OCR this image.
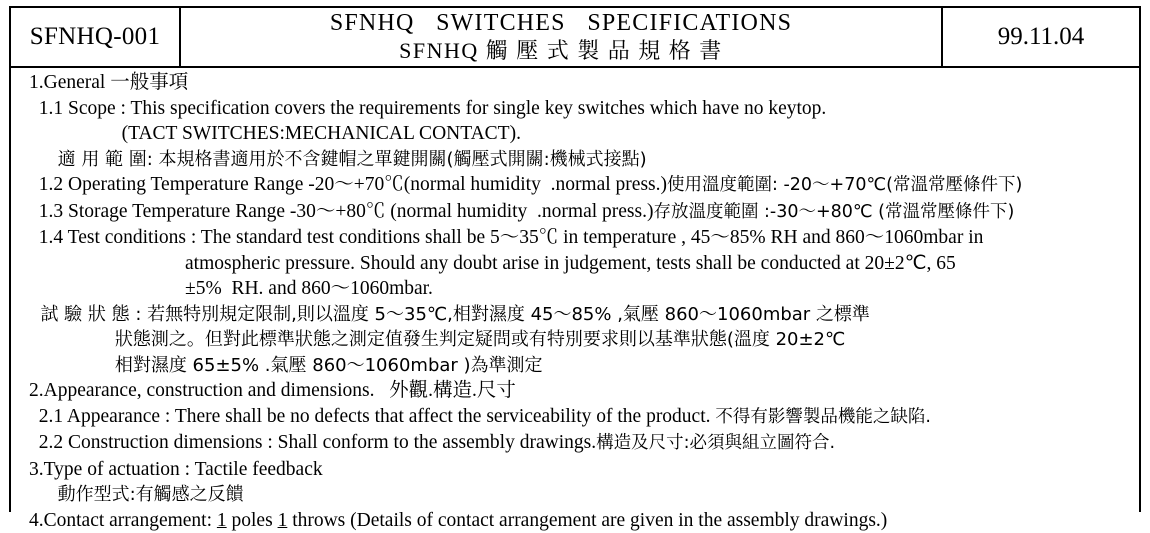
SFNHQ-001	SFNHQ   SWITCHES   SPECIFICATIONS
SFNHQ 觸 壓 式 製 品 規 格 書
99.11.04
1.General 一般事項
1.1 Scope : This specification covers the requirements for single key switches which have no keytop.
(TACT SWITCHES:MECHANICAL CONTACT).
適 用 範 圍: 本規格書適用於不含鍵帽之單鍵開關(觸壓式開關:機械式接點)
1.2 Operating Temperature Range -20～+70℃(normal humidity  .normal press.)使用溫度範圍: -20～+70℃(常溫常壓條件下)
1.3 Storage Temperature Range -30～+80℃ (normal humidity  .normal press.)存放溫度範圍 :-30～+80℃ (常溫常壓條件下)
1.4 Test conditions : The standard test conditions shall be 5～35℃ in temperature , 45～85% RH and 860～1060mbar in
atmospheric pressure. Should any doubt arise in judgement, tests shall be conducted at 20±2℃, 65
±5%  RH. and 860～1060mbar.
試 驗 狀 態 : 若無特別規定限制,則以溫度 5～35℃,相對濕度 45～85% ,氣壓 860～1060mbar 之標準
狀態測之。但對此標準狀態之測定值發生判定疑問或有特別要求則以基準狀態(溫度 20±2℃
相對濕度 65±5% .氣壓 860～1060mbar )為準測定
2.Appearance, construction and dimensions.   外觀.構造.尺寸
2.1 Appearance : There shall be no defects that affect the serviceability of the product. 不得有影響製品機能之缺陷.
2.2 Construction dimensions : Shall conform to the assembly drawings.構造及尺寸:必須與組立圖符合.
3.Type of actuation : Tactile feedback
動作型式:有觸感之反饋
4.Contact arrangement: 1 poles 1 throws (Details of contact arrangement are given in the assembly drawings.)
